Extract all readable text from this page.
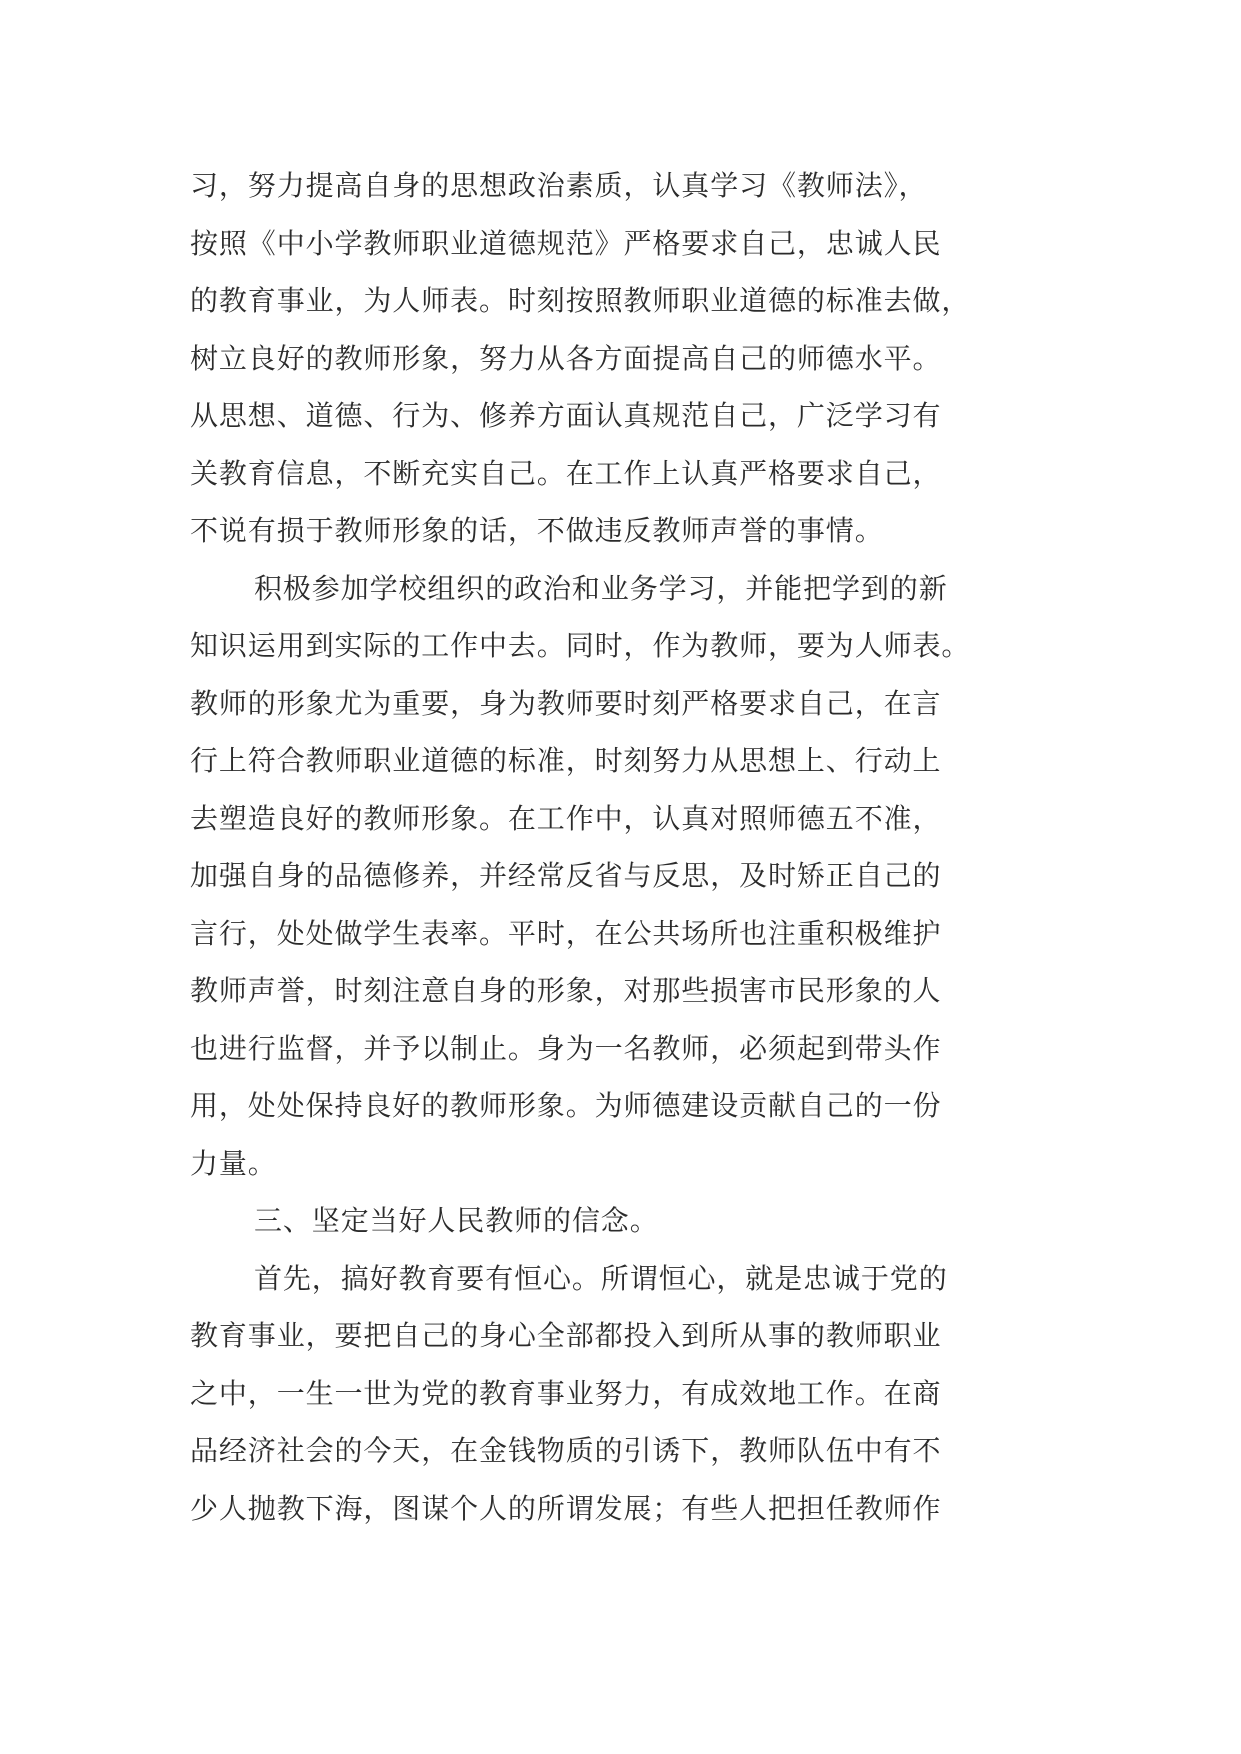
习，努力提高自身的思想政治素质，认真学习《教师法》，
按照《中小学教师职业道德规范》严格要求自己，忠诚人民
的教育事业，为人师表。时刻按照教师职业道德的标准去做，
树立良好的教师形象，努力从各方面提高自己的师德水平。
从思想、道德、行为、修养方面认真规范自己，广泛学习有
关教育信息，不断充实自己。在工作上认真严格要求自己，
不说有损于教师形象的话，不做违反教师声誉的事情。
积极参加学校组织的政治和业务学习，并能把学到的新
知识运用到实际的工作中去。同时，作为教师，要为人师表。
教师的形象尤为重要，身为教师要时刻严格要求自己，在言
行上符合教师职业道德的标准，时刻努力从思想上、行动上
去塑造良好的教师形象。在工作中，认真对照师德五不准，
加强自身的品德修养，并经常反省与反思，及时矫正自己的
言行，处处做学生表率。平时，在公共场所也注重积极维护
教师声誉，时刻注意自身的形象，对那些损害市民形象的人
也进行监督，并予以制止。身为一名教师，必须起到带头作
用，处处保持良好的教师形象。为师德建设贡献自己的一份
力量。
三、坚定当好人民教师的信念。
首先，搞好教育要有恒心。所谓恒心，就是忠诚于党的
教育事业，要把自己的身心全部都投入到所从事的教师职业
之中，一生一世为党的教育事业努力，有成效地工作。在商
品经济社会的今天，在金钱物质的引诱下，教师队伍中有不
少人抛教下海，图谋个人的所谓发展；有些人把担任教师作
